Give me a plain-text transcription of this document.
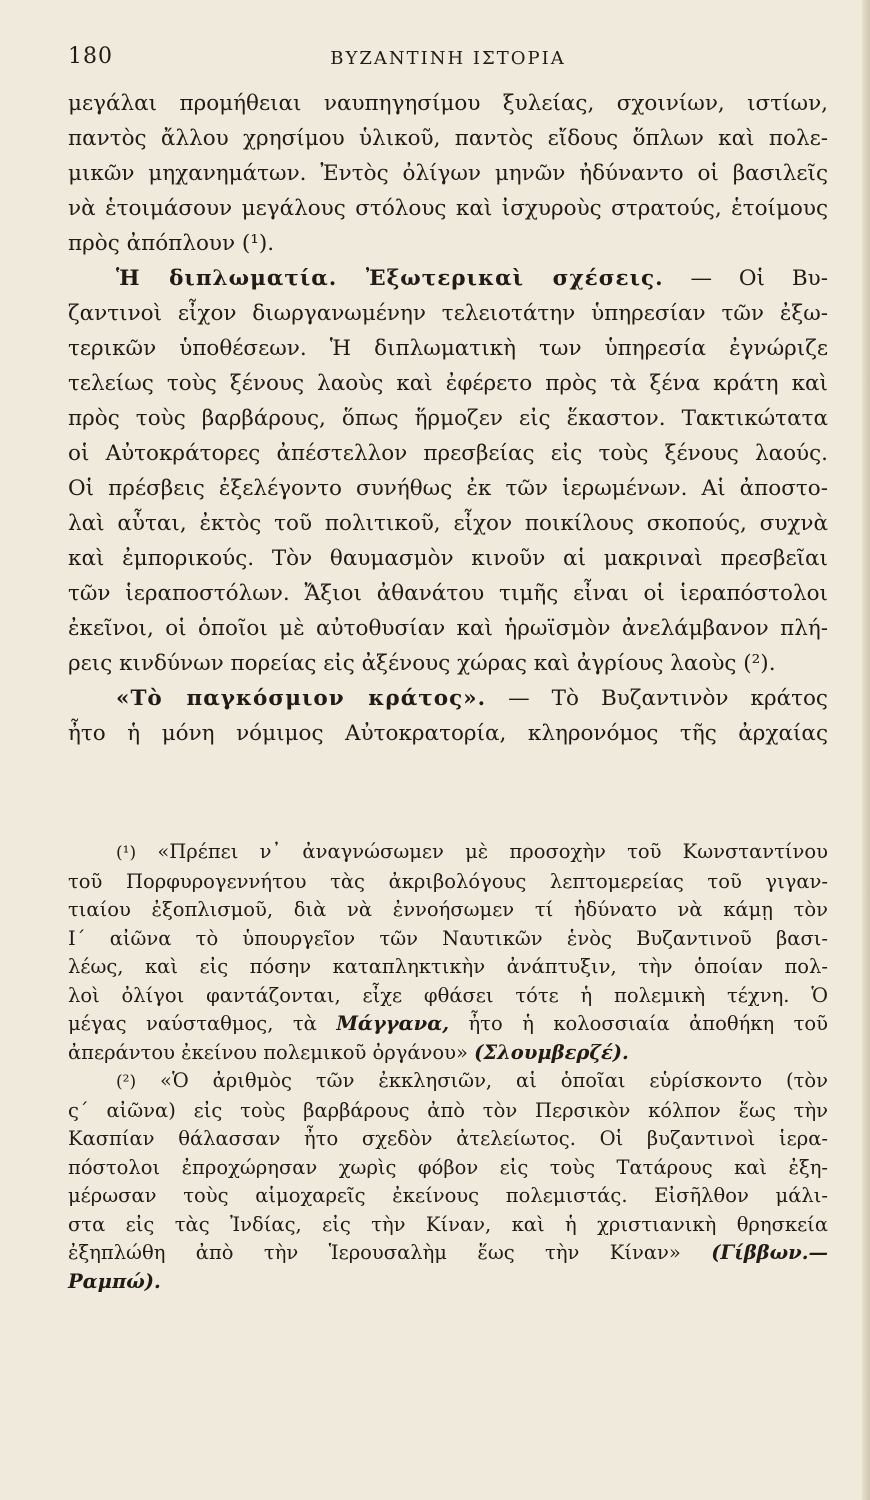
180	ΒΥΖΑΝΤΙΝΗ ΙΣΤΟΡΙΑ
μεγάλαι προμήθειαι ναυπηγησίμου ξυλείας, σχοινίων, ιστίων,
παντὸς ἄλλου χρησίμου ὑλικοῦ, παντὸς εἴδους ὅπλων καὶ πολε-
μικῶν μηχανημάτων. Ἐντὸς ὀλίγων μηνῶν ἠδύναντο οἱ βασιλεῖς
νὰ ἑτοιμάσουν μεγάλους στόλους καὶ ἰσχυροὺς στρατούς, ἑτοίμους
πρὸς ἀπόπλουν (¹).
Ἡ διπλωματία. Ἐξωτερικαὶ σχέσεις. — Οἱ Βυ-
ζαντινοὶ εἶχον διωργανωμένην τελειοτάτην ὑπηρεσίαν τῶν ἐξω-
τερικῶν ὑποθέσεων. Ἡ διπλωματικὴ των ὑπηρεσία ἐγνώριζε
τελείως τοὺς ξένους λαοὺς καὶ ἐφέρετο πρὸς τὰ ξένα κράτη καὶ
πρὸς τοὺς βαρβάρους, ὅπως ἥρμοζεν εἰς ἕκαστον. Τακτικώτατα
οἱ Αὐτοκράτορες ἀπέστελλον πρεσβείας εἰς τοὺς ξένους λαούς.
Οἱ πρέσβεις ἐξελέγοντο συνήθως ἐκ τῶν ἱερωμένων. Αἱ ἀποστο-
λαὶ αὗται, ἐκτὸς τοῦ πολιτικοῦ, εἶχον ποικίλους σκοπούς, συχνὰ
καὶ ἐμπορικούς. Τὸν θαυμασμὸν κινοῦν αἱ μακριναὶ πρεσβεῖαι
τῶν ἱεραποστόλων. Ἄξιοι ἀθανάτου τιμῆς εἶναι οἱ ἱεραπόστολοι
ἐκεῖνοι, οἱ ὁποῖοι μὲ αὐτοθυσίαν καὶ ἡρωϊσμὸν ἀνελάμβανον πλή-
ρεις κινδύνων πορείας εἰς ἀξένους χώρας καὶ ἀγρίους λαοὺς (²).
«Τὸ παγκόσμιον κράτος». — Τὸ Βυζαντινὸν κράτος
ἦτο ἡ μόνη νόμιμος Αὐτοκρατορία, κληρονόμος τῆς ἀρχαίας
(¹) «Πρέπει ν᾽ ἀναγνώσωμεν μὲ προσοχὴν τοῦ Κωνσταντίνου
τοῦ Πορφυρογεννήτου τὰς ἀκριβολόγους λεπτομερείας τοῦ γιγαν-
τιαίου ἐξοπλισμοῦ, διὰ νὰ ἐννοήσωμεν τί ἠδύνατο νὰ κάμῃ τὸν
Ι΄ αἰῶνα τὸ ὑπουργεῖον τῶν Ναυτικῶν ἑνὸς Βυζαντινοῦ βασι-
λέως, καὶ εἰς πόσην καταπληκτικὴν ἀνάπτυξιν, τὴν ὁποίαν πολ-
λοὶ ὀλίγοι φαντάζονται, εἶχε φθάσει τότε ἡ πολεμικὴ τέχνη. Ὁ
μέγας ναύσταθμος, τὰ Μάγγανα, ἦτο ἡ κολοσσιαία ἀποθήκη τοῦ
ἀπεράντου ἐκείνου πολεμικοῦ ὀργάνου» (Σλουμβερζέ).
(²) «Ὁ ἀριθμὸς τῶν ἐκκλησιῶν, αἱ ὁποῖαι εὑρίσκοντο (τὸν
ς΄ αἰῶνα) εἰς τοὺς βαρβάρους ἀπὸ τὸν Περσικὸν κόλπον ἕως τὴν
Κασπίαν θάλασσαν ἦτο σχεδὸν ἀτελείωτος. Οἱ βυζαντινοὶ ἱερα-
πόστολοι ἐπροχώρησαν χωρὶς φόβον εἰς τοὺς Τατάρους καὶ ἐξη-
μέρωσαν τοὺς αἱμοχαρεῖς ἐκείνους πολεμιστάς. Εἰσῆλθον μάλι-
στα εἰς τὰς Ἰνδίας, εἰς τὴν Κίναν, καὶ ἡ χριστιανικὴ θρησκεία
ἐξηπλώθη ἀπὸ τὴν Ἱερουσαλὴμ ἕως τὴν Κίναν» (Γίββων.—
Ραμπώ).
